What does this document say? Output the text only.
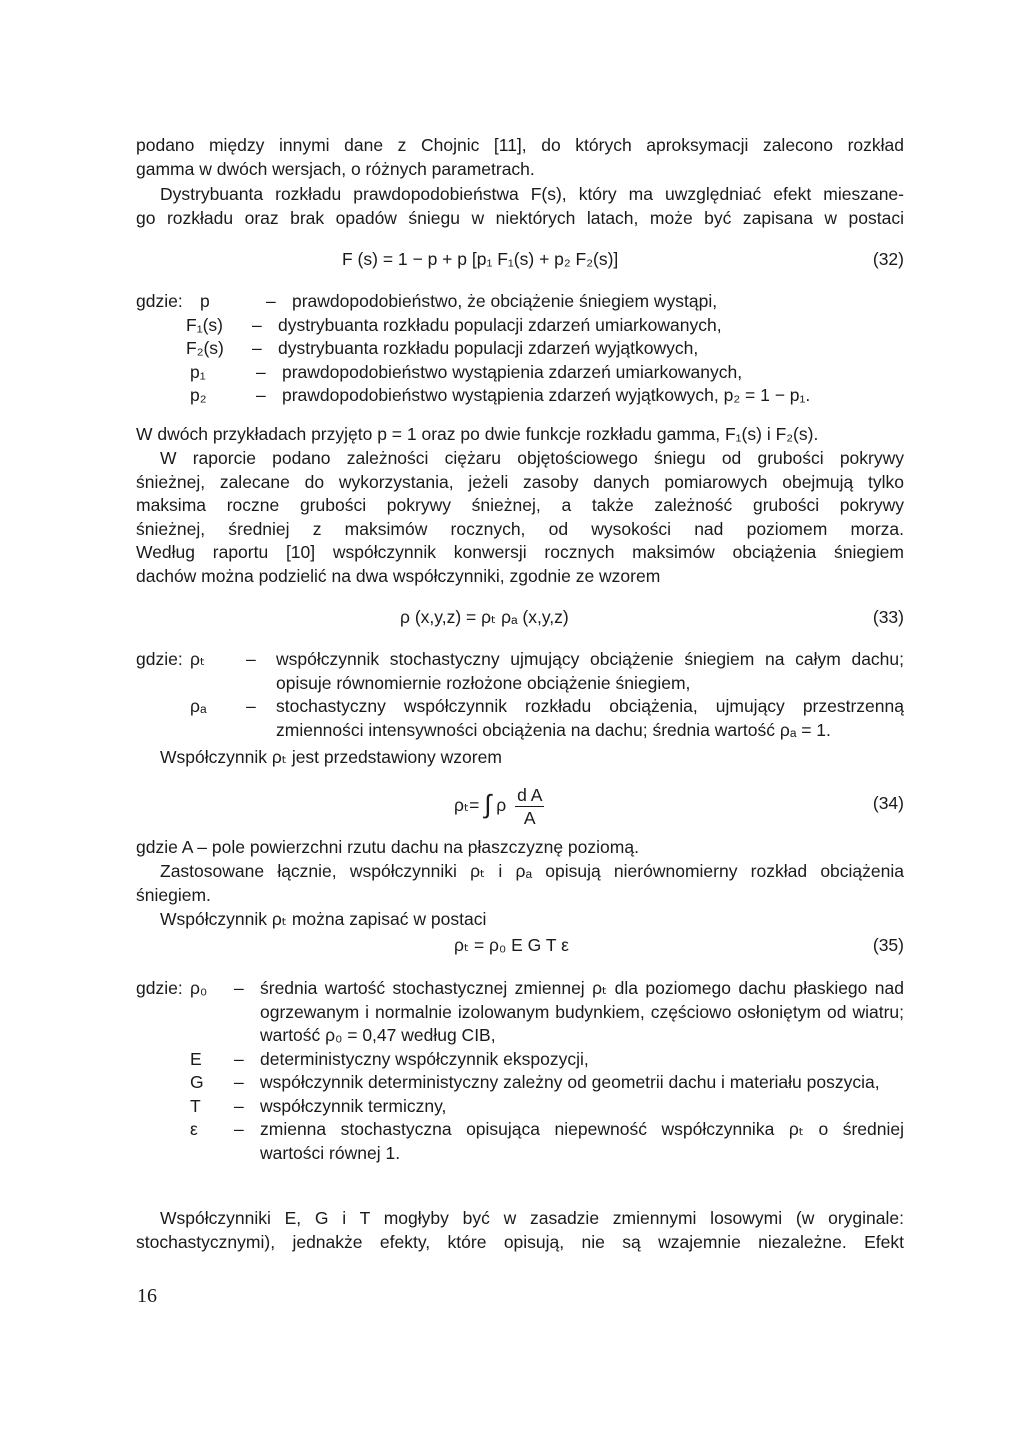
podano między innymi dane z Chojnic [11], do których aproksymacji zalecono rozkład

gamma w dwóch wersjach, o różnych parametrach.

Dystrybuanta rozkładu prawdopodobieństwa F(s), który ma uwzględniać efekt mieszane-

go rozkładu oraz brak opadów śniegu w niektórych latach, może być zapisana w postaci

F (s) = 1 − p + p [p₁ F₁(s) + p₂ F₂(s)]	(32)
gdzie: p	– prawdopodobieństwo, że obciążenie śniegiem wystąpi,
F₁(s)	– dystrybuanta rozkładu populacji zdarzeń umiarkowanych,
F₂(s)	– dystrybuanta rozkładu populacji zdarzeń wyjątkowych,
p₁	– prawdopodobieństwo wystąpienia zdarzeń umiarkowanych,
p₂	– prawdopodobieństwo wystąpienia zdarzeń wyjątkowych, p₂ = 1 − p₁.

W dwóch przykładach przyjęto p = 1 oraz po dwie funkcje rozkładu gamma, F₁(s) i F₂(s).

W raporcie podano zależności ciężaru objętościowego śniegu od grubości pokrywy

śnieżnej, zalecane do wykorzystania, jeżeli zasoby danych pomiarowych obejmują tylko

maksima roczne grubości pokrywy śnieżnej, a także zależność grubości pokrywy

śnieżnej, średniej z maksimów rocznych, od wysokości nad poziomem morza.

Według raportu [10] współczynnik konwersji rocznych maksimów obciążenia śniegiem

dachów można podzielić na dwa współczynniki, zgodnie ze wzorem

ρ (x,y,z) = ρₜ ρₐ (x,y,z)	(33)
gdzie: ρₜ	–	współczynnik stochastyczny ujmujący obciążenie śniegiem na całym dachu; opisuje równomiernie rozłożone obciążenie śniegiem,
ρₐ	–	stochastyczny współczynnik rozkładu obciążenia, ujmujący przestrzenną zmienności intensywności obciążenia na dachu; średnia wartość ρₐ = 1.

Współczynnik ρₜ jest przedstawiony wzorem

ρₜ= ∫ ρ $\frac{\text{d A}}{A}$	(34)

gdzie A – pole powierzchni rzutu dachu na płaszczyznę poziomą.

Zastosowane łącznie, współczynniki ρₜ i ρₐ opisują nierównomierny rozkład obciążenia

śniegiem.

Współczynnik ρₜ można zapisać w postaci

ρₜ = ρ₀ E G T ε	(35)
gdzie: ρ₀	– średnia wartość stochastycznej zmiennej ρₜ dla poziomego dachu płaskiego nad ogrzewanym i normalnie izolowanym budynkiem, częściowo osłoniętym od wiatru; wartość ρ₀ = 0,47 według CIB,
E	– deterministyczny współczynnik ekspozycji,
G	– współczynnik deterministyczny zależny od geometrii dachu i materiału poszycia,
T	– współczynnik termiczny,
ε	– zmienna stochastyczna opisująca niepewność współczynnika ρₜ o średniej wartości równej 1.

Współczynniki E, G i T mogłyby być w zasadzie zmiennymi losowymi (w oryginale:

stochastycznymi), jednakże efekty, które opisują, nie są wzajemnie niezależne. Efekt

16
